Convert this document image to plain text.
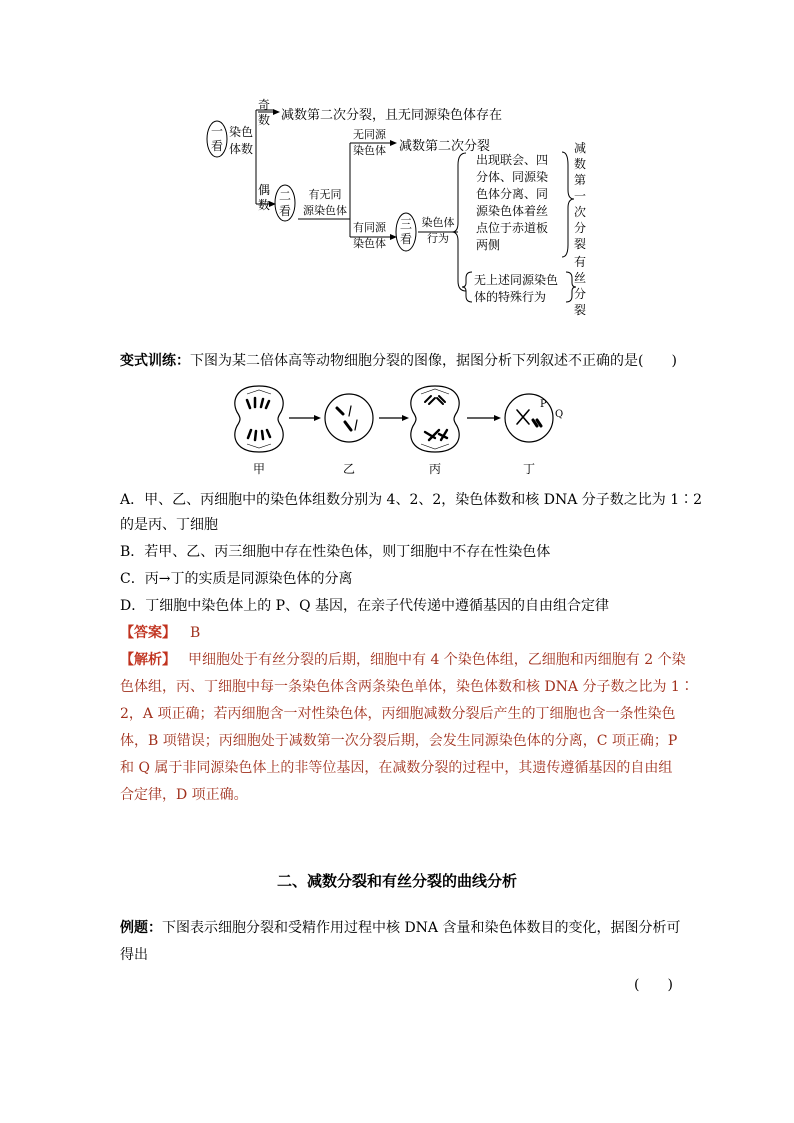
一
看
染色
体数
奇
数 减数第二次分裂，且无同源染色体存在
偶
数
二
看
有无同
源染色体
无同源
染色体 减数第二次分裂
有同源
染色体
三
看
染色体
行为
出现联会、四
分体、同源染
色体分离、同
源染色体着丝
点位于赤道板
两侧
减
数
第
一
次
分
裂
无上述同源染色
体的特殊行为
有
丝
分
裂
变式训练：下图为某二倍体高等动物细胞分裂的图像，据图分析下列叙述不正确的是(　　)
甲	乙	丙	丁
P
Q
A．甲、乙、丙细胞中的染色体组数分别为 4、2、2，染色体数和核 DNA 分子数之比为 1∶2
的是丙、丁细胞
B．若甲、乙、丙三细胞中存在性染色体，则丁细胞中不存在性染色体
C．丙→丁的实质是同源染色体的分离
D．丁细胞中染色体上的 P、Q 基因，在亲子代传递中遵循基因的自由组合定律
【答案】 B
【解析】 甲细胞处于有丝分裂的后期，细胞中有 4 个染色体组，乙细胞和丙细胞有 2 个染
色体组，丙、丁细胞中每一条染色体含两条染色单体，染色体数和核 DNA 分子数之比为 1∶
2，A 项正确；若丙细胞含一对性染色体，丙细胞减数分裂后产生的丁细胞也含一条性染色
体，B 项错误；丙细胞处于减数第一次分裂后期，会发生同源染色体的分离，C 项正确；P
和 Q 属于非同源染色体上的非等位基因，在减数分裂的过程中，其遗传遵循基因的自由组
合定律，D 项正确。
二、减数分裂和有丝分裂的曲线分析
例题：下图表示细胞分裂和受精作用过程中核 DNA 含量和染色体数目的变化，据图分析可
得出
(　　)
